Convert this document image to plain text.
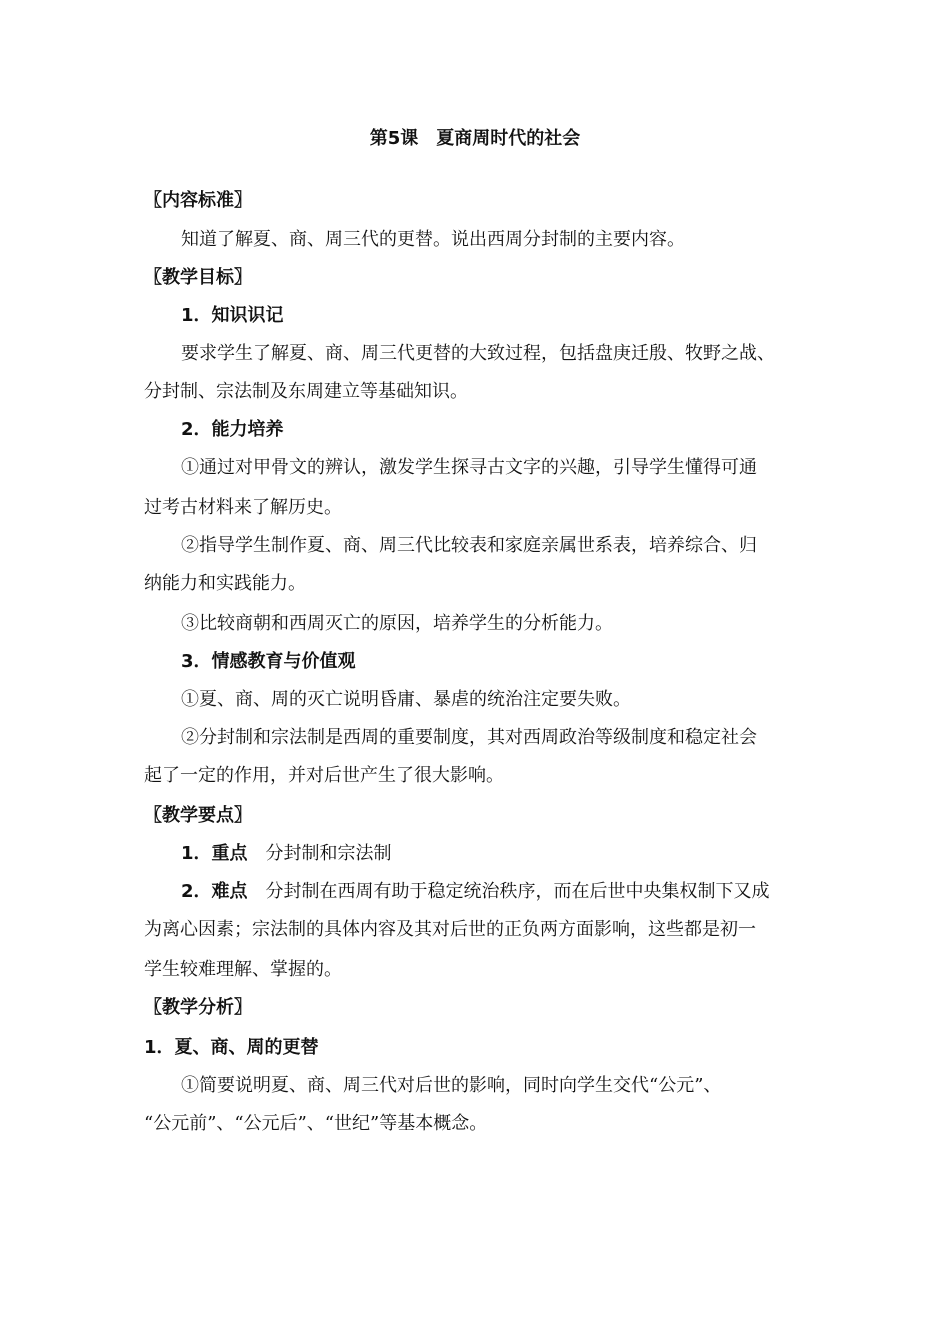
第5课　夏商周时代的社会
〖内容标准〗
知道了解夏、商、周三代的更替。说出西周分封制的主要内容。
〖教学目标〗
1．知识识记
要求学生了解夏、商、周三代更替的大致过程，包括盘庚迁殷、牧野之战、
分封制、宗法制及东周建立等基础知识。
2．能力培养
①通过对甲骨文的辨认，激发学生探寻古文字的兴趣，引导学生懂得可通
过考古材料来了解历史。
②指导学生制作夏、商、周三代比较表和家庭亲属世系表，培养综合、归
纳能力和实践能力。
③比较商朝和西周灭亡的原因，培养学生的分析能力。
3．情感教育与价值观
①夏、商、周的灭亡说明昏庸、暴虐的统治注定要失败。
②分封制和宗法制是西周的重要制度，其对西周政治等级制度和稳定社会
起了一定的作用，并对后世产生了很大影响。
〖教学要点〗
1．重点 分封制和宗法制
2．难点 分封制在西周有助于稳定统治秩序，而在后世中央集权制下又成
为离心因素；宗法制的具体内容及其对后世的正负两方面影响，这些都是初一
学生较难理解、掌握的。
〖教学分析〗
1．夏、商、周的更替
①简要说明夏、商、周三代对后世的影响，同时向学生交代“公元”、
“公元前”、“公元后”、“世纪”等基本概念。
